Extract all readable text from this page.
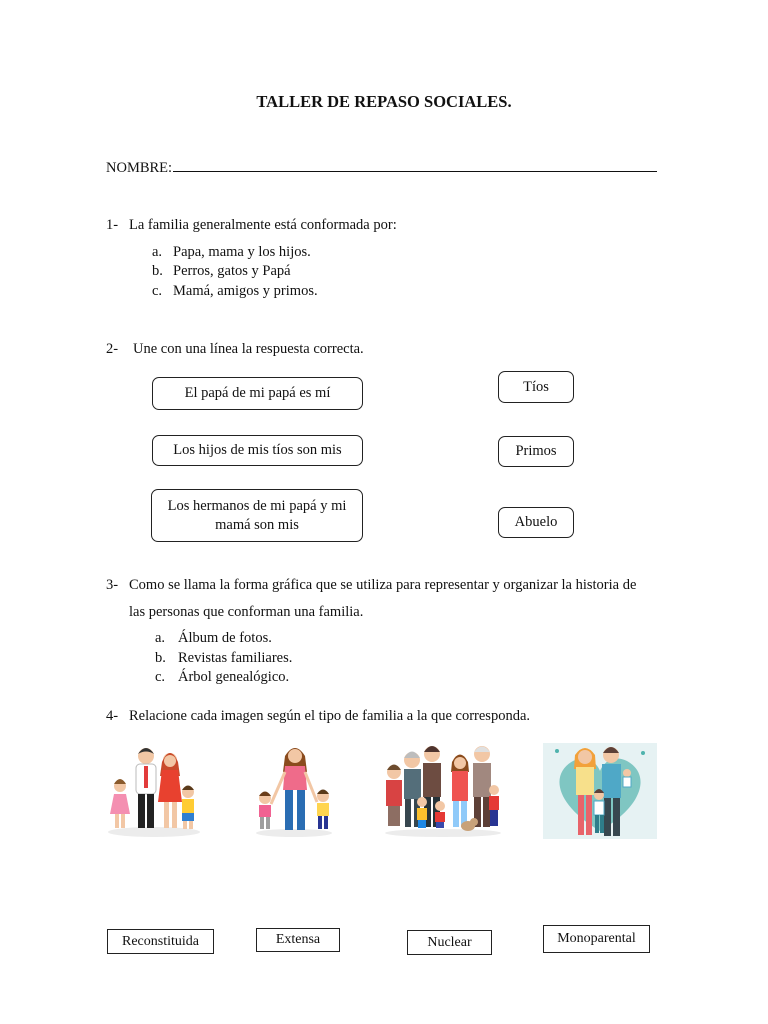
TALLER DE REPASO SOCIALES.
NOMBRE:
1- La familia generalmente está conformada por:
a. Papa, mama y los hijos.
b. Perros, gatos y Papá
c. Mamá, amigos y primos.
2- Une con una línea la respuesta correcta.
El papá de mi papá es mí
Los hijos de mis tíos son mis
Los hermanos de mi papá y mi mamá son mis
Tíos
Primos
Abuelo
3- Como se llama la forma gráfica que se utiliza para representar y organizar la historia de
las personas que conforman una familia.
a. Álbum de fotos.
b. Revistas familiares.
c. Árbol genealógico.
4- Relacione cada imagen según el tipo de familia a la que corresponda.
Reconstituida	Extensa	Nuclear	Monoparental
